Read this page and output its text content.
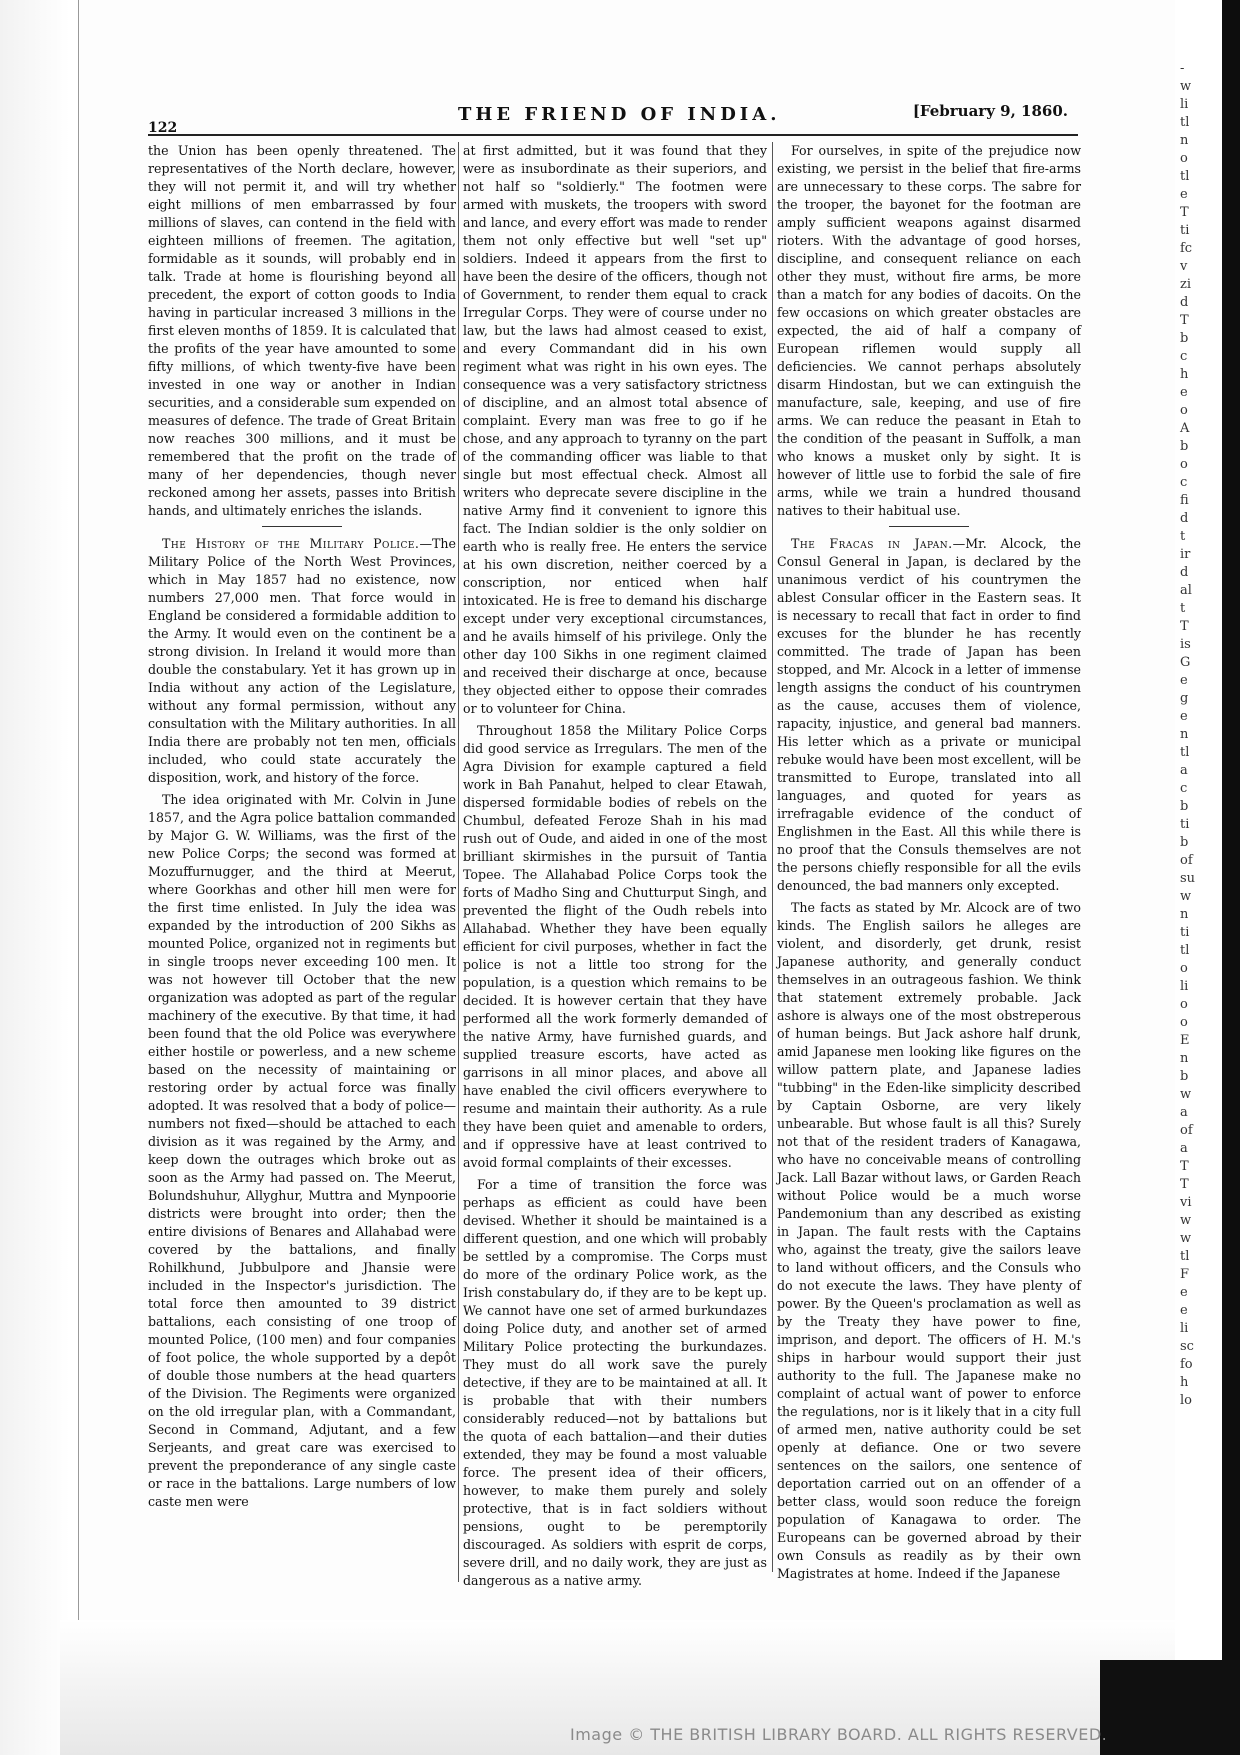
122
THE FRIEND OF INDIA.	[February 9, 1860.

the Union has been openly threatened. The representatives of the North declare, however, they will not permit it, and will try whether eight millions of men embarrassed by four millions of slaves, can contend in the field with eighteen millions of freemen. The agitation, formidable as it sounds, will probably end in talk. Trade at home is flourishing beyond all precedent, the export of cotton goods to India having in particular increased 3 millions in the first eleven months of 1859. It is calculated that the profits of the year have amounted to some fifty millions, of which twenty-five have been invested in one way or another in Indian securities, and a considerable sum expended on measures of defence. The trade of Great Britain now reaches 300 millions, and it must be remembered that the profit on the trade of many of her dependencies, though never reckoned among her assets, passes into British hands, and ultimately enriches the islands.

The History of the Military Police.—The Military Police of the North West Provinces, which in May 1857 had no existence, now numbers 27,000 men. That force would in England be considered a formidable addition to the Army. It would even on the continent be a strong division. In Ireland it would more than double the constabulary. Yet it has grown up in India without any action of the Legislature, without any formal permission, without any consultation with the Military authorities. In all India there are probably not ten men, officials included, who could state accurately the disposition, work, and history of the force.

The idea originated with Mr. Colvin in June 1857, and the Agra police battalion commanded by Major G. W. Williams, was the first of the new Police Corps; the second was formed at Mozuffurnugger, and the third at Meerut, where Goorkhas and other hill men were for the first time enlisted. In July the idea was expanded by the introduction of 200 Sikhs as mounted Police, organized not in regiments but in single troops never exceeding 100 men. It was not however till October that the new organization was adopted as part of the regular machinery of the executive. By that time, it had been found that the old Police was everywhere either hostile or powerless, and a new scheme based on the necessity of maintaining or restoring order by actual force was finally adopted. It was resolved that a body of police—numbers not fixed—should be attached to each division as it was regained by the Army, and keep down the outrages which broke out as soon as the Army had passed on. The Meerut, Bolundshuhur, Allyghur, Muttra and Mynpoorie districts were brought into order; then the entire divisions of Benares and Allahabad were covered by the battalions, and finally Rohilkhund, Jubbulpore and Jhansie were included in the Inspector's jurisdiction. The total force then amounted to 39 district battalions, each consisting of one troop of mounted Police, (100 men) and four companies of foot police, the whole supported by a depôt of double those numbers at the head quarters of the Division. The Regiments were organized on the old irregular plan, with a Commandant, Second in Command, Adjutant, and a few Serjeants, and great care was exercised to prevent the preponderance of any single caste or race in the battalions. Large numbers of low caste men were

at first admitted, but it was found that they were as insubordinate as their superiors, and not half so "soldierly." The footmen were armed with muskets, the troopers with sword and lance, and every effort was made to render them not only effective but well "set up" soldiers. Indeed it appears from the first to have been the desire of the officers, though not of Government, to render them equal to crack Irregular Corps. They were of course under no law, but the laws had almost ceased to exist, and every Commandant did in his own regiment what was right in his own eyes. The consequence was a very satisfactory strictness of discipline, and an almost total absence of complaint. Every man was free to go if he chose, and any approach to tyranny on the part of the commanding officer was liable to that single but most effectual check. Almost all writers who deprecate severe discipline in the native Army find it convenient to ignore this fact. The Indian soldier is the only soldier on earth who is really free. He enters the service at his own discretion, neither coerced by a conscription, nor enticed when half intoxicated. He is free to demand his discharge except under very exceptional circumstances, and he avails himself of his privilege. Only the other day 100 Sikhs in one regiment claimed and received their discharge at once, because they objected either to oppose their comrades or to volunteer for China.

Throughout 1858 the Military Police Corps did good service as Irregulars. The men of the Agra Division for example captured a field work in Bah Panahut, helped to clear Etawah, dispersed formidable bodies of rebels on the Chumbul, defeated Feroze Shah in his mad rush out of Oude, and aided in one of the most brilliant skirmishes in the pursuit of Tantia Topee. The Allahabad Police Corps took the forts of Madho Sing and Chutturput Singh, and prevented the flight of the Oudh rebels into Allahabad. Whether they have been equally efficient for civil purposes, whether in fact the police is not a little too strong for the population, is a question which remains to be decided. It is however certain that they have performed all the work formerly demanded of the native Army, have furnished guards, and supplied treasure escorts, have acted as garrisons in all minor places, and above all have enabled the civil officers everywhere to resume and maintain their authority. As a rule they have been quiet and amenable to orders, and if oppressive have at least contrived to avoid formal complaints of their excesses.

For a time of transition the force was perhaps as efficient as could have been devised. Whether it should be maintained is a different question, and one which will probably be settled by a compromise. The Corps must do more of the ordinary Police work, as the Irish constabulary do, if they are to be kept up. We cannot have one set of armed burkundazes doing Police duty, and another set of armed Military Police protecting the burkundazes. They must do all work save the purely detective, if they are to be maintained at all. It is probable that with their numbers considerably reduced—not by battalions but the quota of each battalion—and their duties extended, they may be found a most valuable force. The present idea of their officers, however, to make them purely and solely protective, that is in fact soldiers without pensions, ought to be peremptorily discouraged. As soldiers with esprit de corps, severe drill, and no daily work, they are just as dangerous as a native army.

For ourselves, in spite of the prejudice now existing, we persist in the belief that fire-arms are unnecessary to these corps. The sabre for the trooper, the bayonet for the footman are amply sufficient weapons against disarmed rioters. With the advantage of good horses, discipline, and consequent reliance on each other they must, without fire arms, be more than a match for any bodies of dacoits. On the few occasions on which greater obstacles are expected, the aid of half a company of European riflemen would supply all deficiencies. We cannot perhaps absolutely disarm Hindostan, but we can extinguish the manufacture, sale, keeping, and use of fire arms. We can reduce the peasant in Etah to the condition of the peasant in Suffolk, a man who knows a musket only by sight. It is however of little use to forbid the sale of fire arms, while we train a hundred thousand natives to their habitual use.

The Fracas in Japan.—Mr. Alcock, the Consul General in Japan, is declared by the unanimous verdict of his countrymen the ablest Consular officer in the Eastern seas. It is necessary to recall that fact in order to find excuses for the blunder he has recently committed. The trade of Japan has been stopped, and Mr. Alcock in a letter of immense length assigns the conduct of his countrymen as the cause, accuses them of violence, rapacity, injustice, and general bad manners. His letter which as a private or municipal rebuke would have been most excellent, will be transmitted to Europe, translated into all languages, and quoted for years as irrefragable evidence of the conduct of Englishmen in the East. All this while there is no proof that the Consuls themselves are not the persons chiefly responsible for all the evils denounced, the bad manners only excepted.

The facts as stated by Mr. Alcock are of two kinds. The English sailors he alleges are violent, and disorderly, get drunk, resist Japanese authority, and generally conduct themselves in an outrageous fashion. We think that statement extremely probable. Jack ashore is always one of the most obstreperous of human beings. But Jack ashore half drunk, amid Japanese men looking like figures on the willow pattern plate, and Japanese ladies "tubbing" in the Eden-like simplicity described by Captain Osborne, are very likely unbearable. But whose fault is all this? Surely not that of the resident traders of Kanagawa, who have no conceivable means of controlling Jack. Lall Bazar without laws, or Garden Reach without Police would be a much worse Pandemonium than any described as existing in Japan. The fault rests with the Captains who, against the treaty, give the sailors leave to land without officers, and the Consuls who do not execute the laws. They have plenty of power. By the Queen's proclamation as well as by the Treaty they have power to fine, imprison, and deport. The officers of H. M.'s ships in harbour would support their just authority to the full. The Japanese make no complaint of actual want of power to enforce the regulations, nor is it likely that in a city full of armed men, native authority could be set openly at defiance. One or two severe sentences on the sailors, one sentence of deportation carried out on an offender of a better class, would soon reduce the foreign population of Kanagawa to order. The Europeans can be governed abroad by their own Consuls as readily as by their own Magistrates at home. Indeed if the Japanese

-
w
li
tl
n
o
tl
e
T
ti
fc
v
zi
d
T
b
c
h
e
o
A
b
o
c
fi
d
t
ir
d
al
t
T
is
G
e
g
e
n
tl
a
c
b
ti
b
of
su
w
n
ti
tl
o
li
o
o
E
n
b
w
a
of
a
T
T
vi
w
w
tl
F
e
e
li
sc
fo
h
lo
Image © THE BRITISH LIBRARY BOARD. ALL RIGHTS RESERVED.
